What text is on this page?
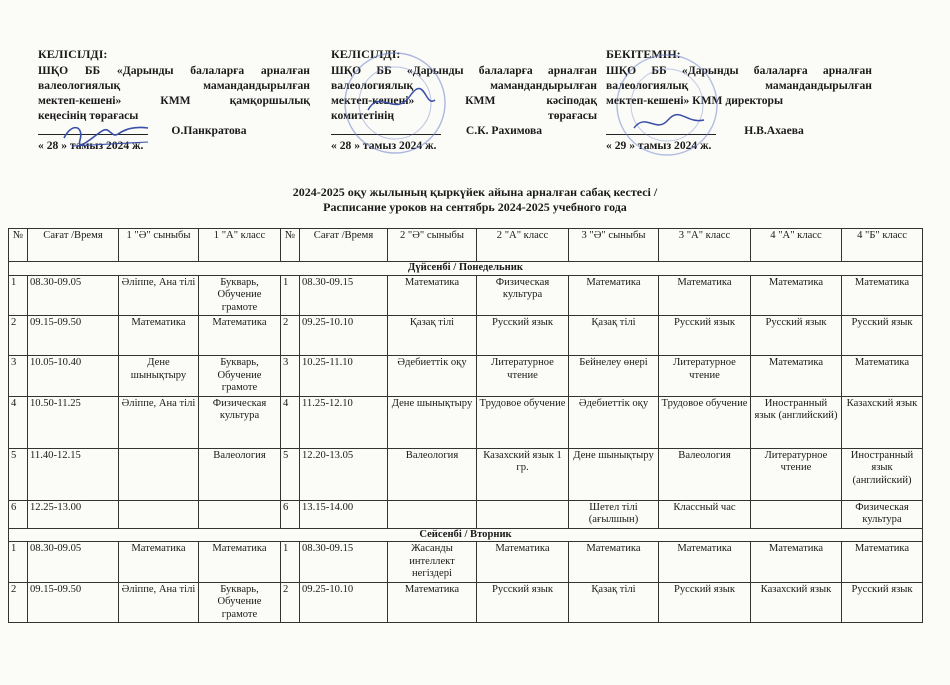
КЕЛІСІЛДІ:
ШҚО ББ «Дарынды балаларға арналған
валеологиялық мамандандырылған
мектеп-кешені» КММ қамқоршылық
кеңесінің төрағасы
О.Панкратова
« 28 » тамыз 2024 ж.
КЕЛІСІЛДІ:
ШҚО ББ «Дарынды балаларға арналған
валеологиялық мамандандырылған
мектеп-кешені» КММ кәсіподақ
комитетінің төрағасы
С.К. Рахимова
« 28 » тамыз 2024 ж.
БЕКІТЕМІН:
ШҚО ББ «Дарынды балаларға арналған
валеологиялық мамандандырылған
мектеп-кешені» КММ директоры
Н.В.Ахаева
« 29 » тамыз 2024 ж.
2024-2025 оқу жылының қыркүйек айына арналған сабақ кестесі /
Расписание уроков на сентябрь 2024-2025 учебного года
№	Сағат /Время	1 "Ә" сыныбы	1 "А" класс	№	Сағат /Время	2 "Ә" сыныбы	2 "А" класс	3 "Ә" сыныбы	3 "А" класс	4 "А" класс	4 "Б" класс
Дүйсенбі / Понедельник											
1	08.30-09.05	Әліппе, Ана тілі	Букварь, Обучение грамоте	1	08.30-09.15	Математика	Физическая культура	Математика	Математика	Математика	Математика
2	09.15-09.50	Математика	Математика	2	09.25-10.10	Қазақ тілі	Русский язык	Қазақ тілі	Русский язык	Русский язык	Русский язык
3	10.05-10.40	Дене шынықтыру	Букварь, Обучение грамоте	3	10.25-11.10	Әдебиеттік оқу	Литературное чтение	Бейнелеу өнері	Литературное чтение	Математика	Математика
4	10.50-11.25	Әліппе, Ана тілі	Физическая культура	4	11.25-12.10	Дене шынықтыру	Трудовое обучение	Әдебиеттік оқу	Трудовое обучение	Иностранный язык (английский)	Казахский язык
5	11.40-12.15		Валеология	5	12.20-13.05	Валеология	Казахский язык 1 гр.	Дене шынықтыру	Валеология	Литературное чтение	Иностранный язык (английский)
6	12.25-13.00			6	13.15-14.00			Шетел тілі (ағылшын)	Классный час		Физическая культура
Сейсенбі / Вторник											
1	08.30-09.05	Математика	Математика	1	08.30-09.15	Жасанды интеллект негіздері	Математика	Математика	Математика	Математика	Математика
2	09.15-09.50	Әліппе, Ана тілі	Букварь, Обучение грамоте	2	09.25-10.10	Математика	Русский язык	Қазақ тілі	Русский язык	Казахский язык	Русский язык
